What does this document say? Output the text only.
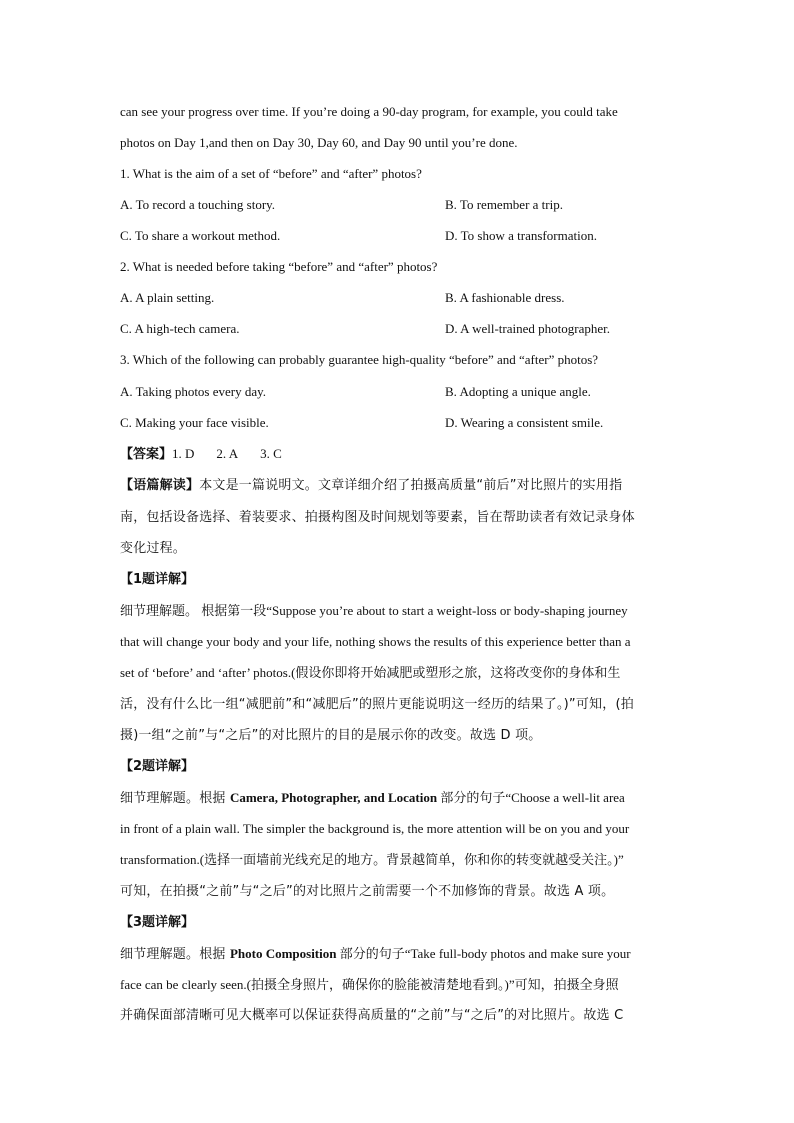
can see your progress over time. If you’re doing a 90-day program, for example, you could take
photos on Day 1,and then on Day 30, Day 60, and Day 90 until you’re done.
1. What is the aim of a set of “before” and “after” photos?
A. To record a touching story.	B. To remember a trip.
C. To share a workout method.	D. To show a transformation.
2. What is needed before taking “before” and “after” photos?
A. A plain setting.	B. A fashionable dress.
C. A high-tech camera.	D. A well-trained photographer.
3. Which of the following can probably guarantee high-quality “before” and “after” photos?
A. Taking photos every day.	B. Adopting a unique angle.
C. Making your face visible.	D. Wearing a consistent smile.
【答案】1. D 2. A 3. C
【语篇解读】本文是一篇说明文。文章详细介绍了拍摄高质量“前后”对比照片的实用指
南，包括设备选择、着装要求、拍摄构图及时间规划等要素，旨在帮助读者有效记录身体
变化过程。
【1题详解】
细节理解题。 根据第一段“Suppose you’re about to start a weight-loss or body-shaping journey
that will change your body and your life, nothing shows the results of this experience better than a
set of ‘before’ and ‘after’ photos.(假设你即将开始减肥或塑形之旅，这将改变你的身体和生
活，没有什么比一组“减肥前”和“减肥后”的照片更能说明这一经历的结果了。)”可知，(拍
摄)一组“之前”与“之后”的对比照片的目的是展示你的改变。故选 D 项。
【2题详解】
细节理解题。根据 Camera, Photographer, and Location 部分的句子“Choose a well-lit area
in front of a plain wall. The simpler the background is, the more attention will be on you and your
transformation.(选择一面墙前光线充足的地方。背景越简单，你和你的转变就越受关注。)”
可知，在拍摄“之前”与“之后”的对比照片之前需要一个不加修饰的背景。故选 A 项。
【3题详解】
细节理解题。根据 Photo Composition 部分的句子“Take full-body photos and make sure your
face can be clearly seen.(拍摄全身照片，确保你的脸能被清楚地看到。)”可知，拍摄全身照
并确保面部清晰可见大概率可以保证获得高质量的“之前”与“之后”的对比照片。故选 C
